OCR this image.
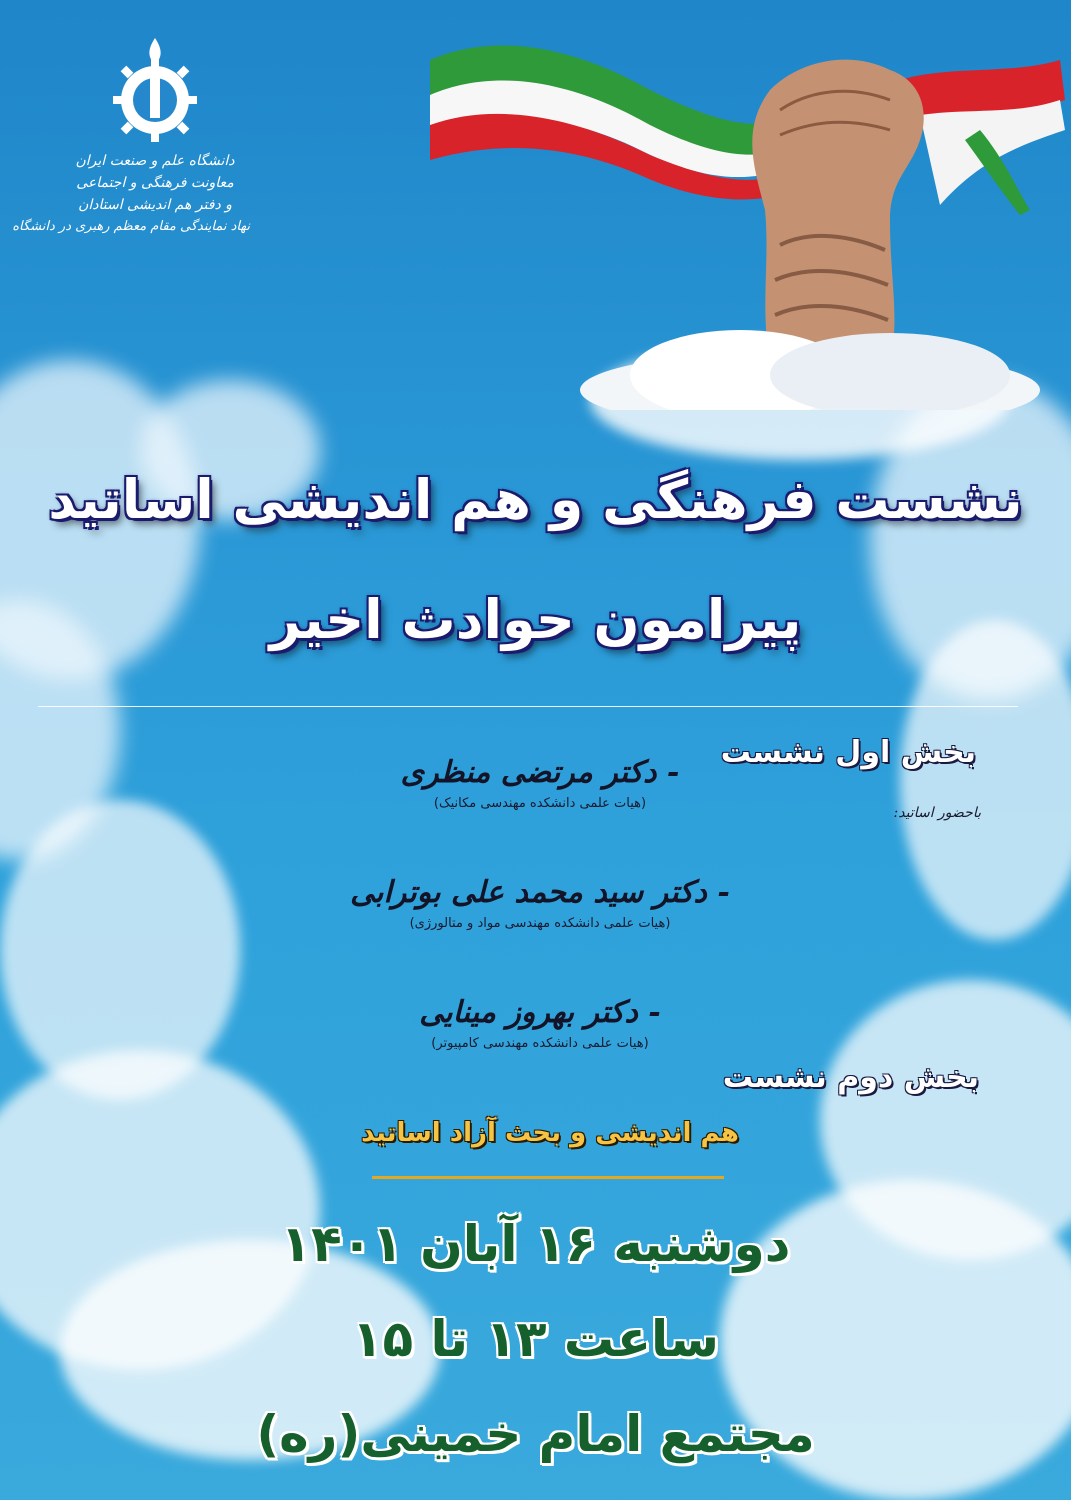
دانشگاه علم و صنعت ایران
معاونت فرهنگی و اجتماعی
و دفتر هم اندیشی استادان
نهاد نمایندگی مقام معظم رهبری در دانشگاه
نشست فرهنگی و هم اندیشی اساتید
پیرامون حوادث اخیر
بخش اول نشست
باحضور اساتید:
- دکتر مرتضی منظری
(هیات علمی دانشکده مهندسی مکانیک)
- دکتر سید محمد علی بوترابی
(هیات علمی دانشکده مهندسی مواد و متالورژی)
- دکتر بهروز مینایی
(هیات علمی دانشکده مهندسی کامپیوتر)
بخش دوم نشست
هم اندیشی و بحث آزاد اساتید
دوشنبه ۱۶ آبان ۱۴۰۱
ساعت ۱۳ تا ۱۵
مجتمع امام خمینی(ره)
